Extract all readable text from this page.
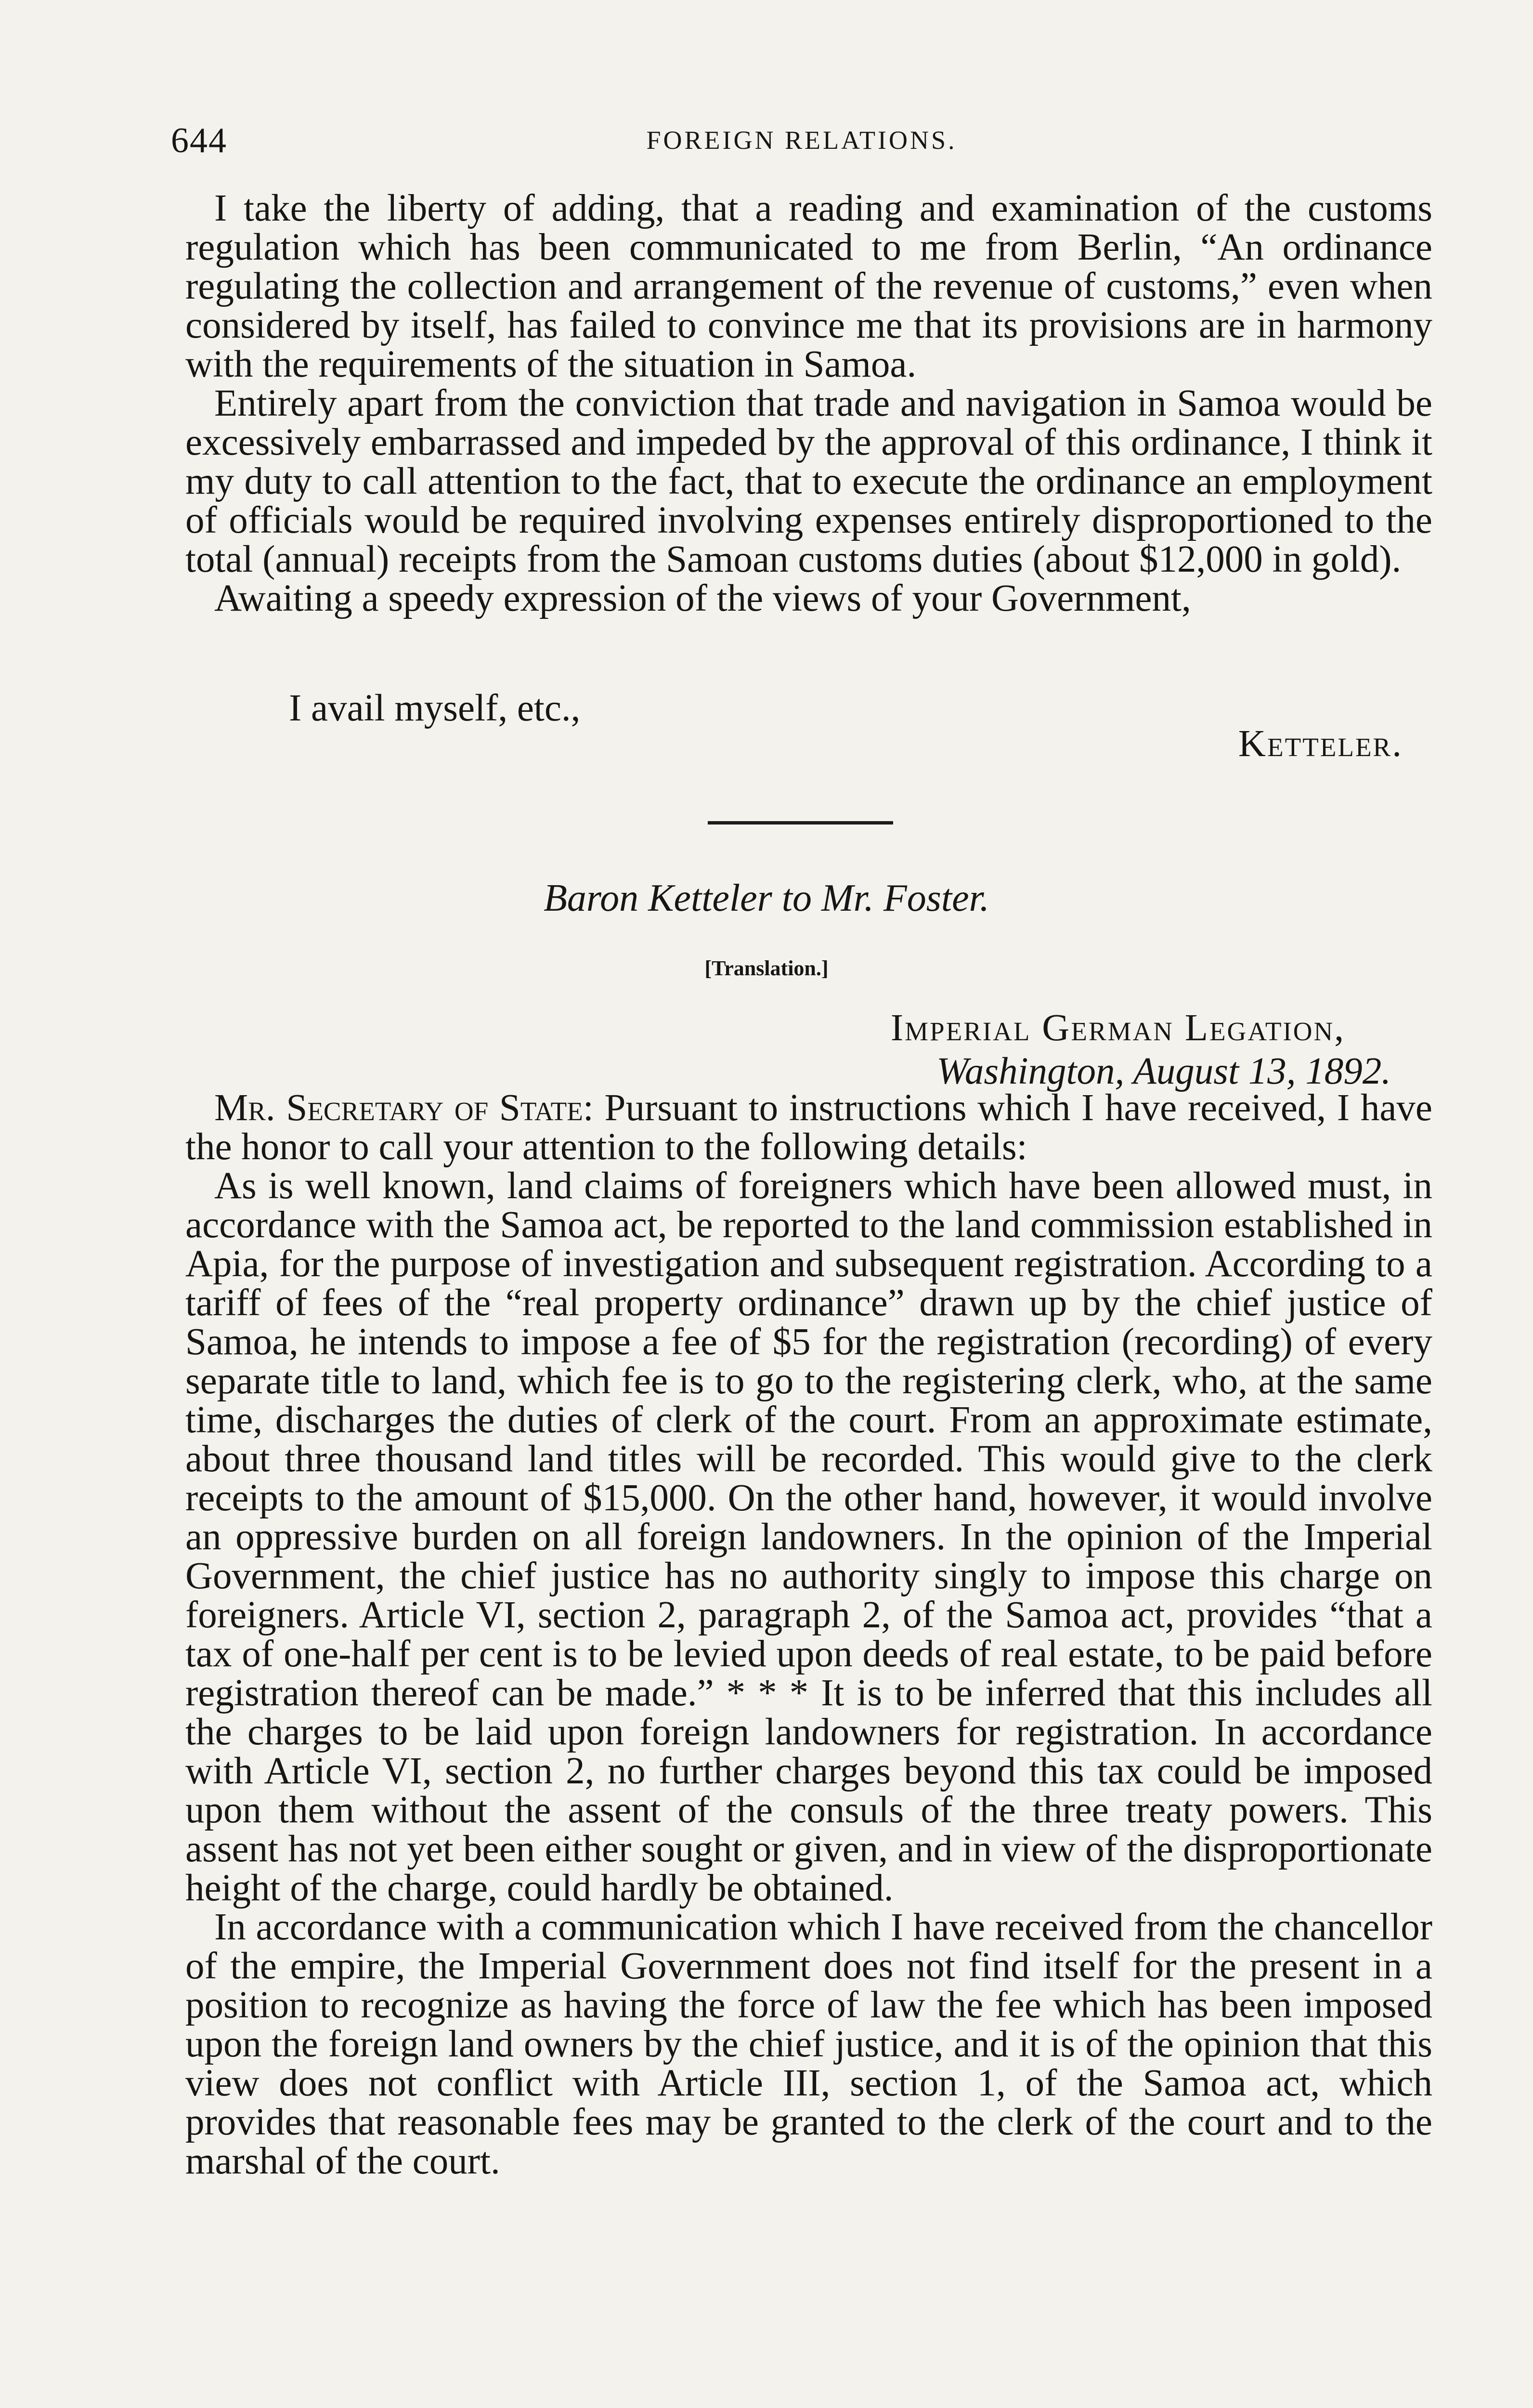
644	FOREIGN RELATIONS.

I take the liberty of adding, that a reading and examination of the customs regulation which has been communicated to me from Berlin, “An ordinance regulating the collection and arrangement of the revenue of customs,” even when considered by itself, has failed to convince me that its provisions are in harmony with the requirements of the situation in Samoa.

Entirely apart from the conviction that trade and navigation in Samoa would be excessively embarrassed and impeded by the approval of this ordinance, I think it my duty to call attention to the fact, that to execute the ordinance an employment of officials would be required involving expenses entirely disproportioned to the total (annual) receipts from the Samoan customs duties (about $12,000 in gold).

Awaiting a speedy expression of the views of your Government,

I avail myself, etc.,
Ketteler.
Baron Ketteler to Mr. Foster.
[Translation.]
Imperial German Legation,
Washington, August 13, 1892.

Mr. Secretary of State: Pursuant to instructions which I have received, I have the honor to call your attention to the following details:

As is well known, land claims of foreigners which have been allowed must, in accordance with the Samoa act, be reported to the land commission established in Apia, for the purpose of investigation and subsequent registration. According to a tariff of fees of the “real property ordinance” drawn up by the chief justice of Samoa, he intends to impose a fee of $5 for the registration (recording) of every separate title to land, which fee is to go to the registering clerk, who, at the same time, discharges the duties of clerk of the court. From an approximate estimate, about three thousand land titles will be recorded. This would give to the clerk receipts to the amount of $15,000. On the other hand, however, it would involve an oppressive burden on all foreign landowners. In the opinion of the Imperial Government, the chief justice has no authority singly to impose this charge on foreigners. Article VI, section 2, paragraph 2, of the Samoa act, provides “that a tax of one-half per cent is to be levied upon deeds of real estate, to be paid before registration thereof can be made.” * * * It is to be inferred that this includes all the charges to be laid upon foreign landowners for registration. In accordance with Article VI, section 2, no further charges beyond this tax could be imposed upon them without the assent of the consuls of the three treaty powers. This assent has not yet been either sought or given, and in view of the disproportionate height of the charge, could hardly be obtained.

In accordance with a communication which I have received from the chancellor of the empire, the Imperial Government does not find itself for the present in a position to recognize as having the force of law the fee which has been imposed upon the foreign land owners by the chief justice, and it is of the opinion that this view does not conflict with Article III, section 1, of the Samoa act, which provides that reasonable fees may be granted to the clerk of the court and to the marshal of the court.
